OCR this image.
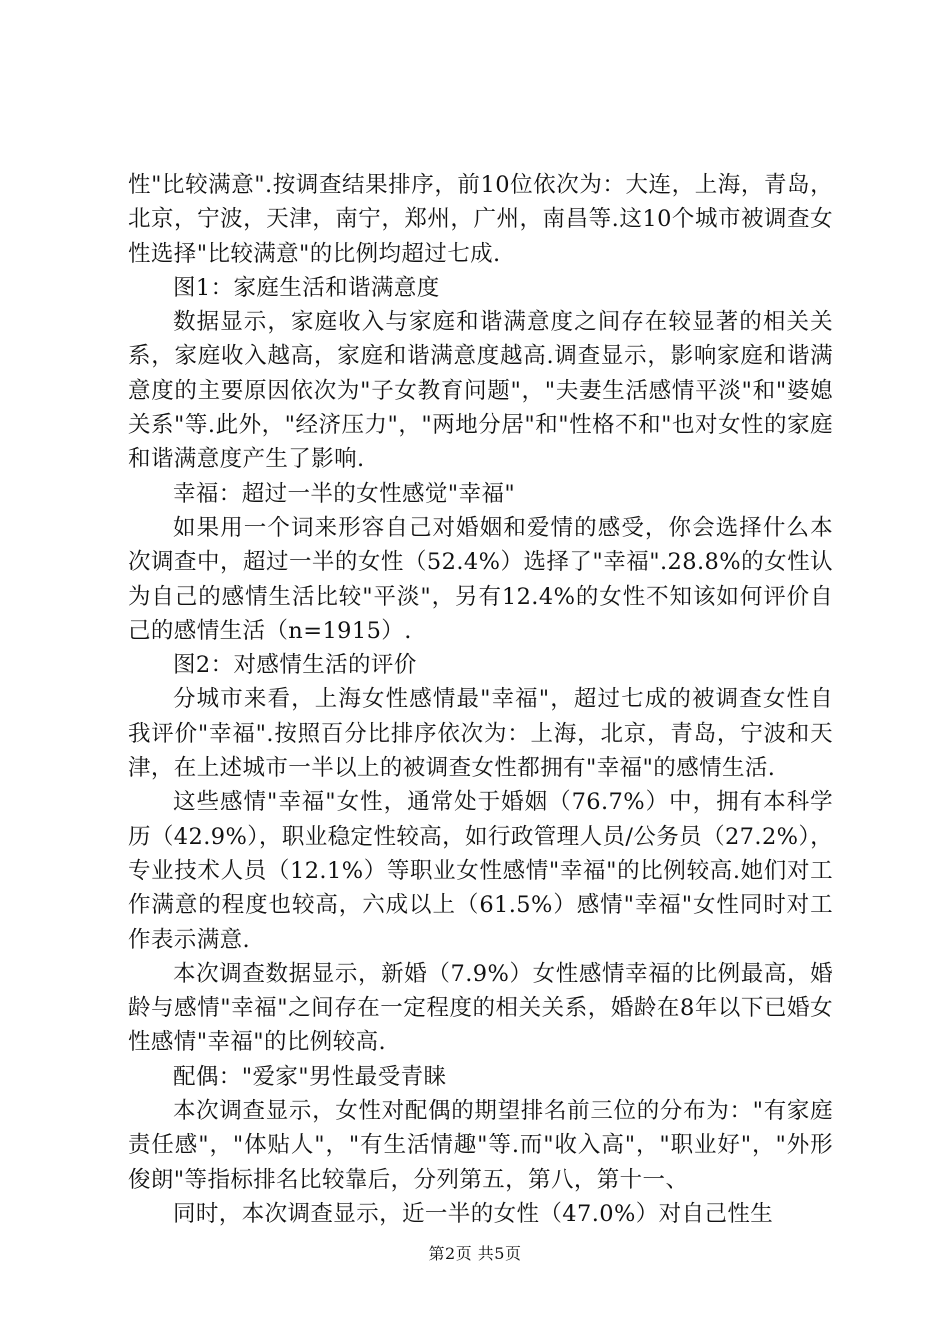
性"比较满意".按调查结果排序，前10位依次为：大连，上海，青岛，北京，宁波，天津，南宁，郑州，广州，南昌等.这10个城市被调查女性选择"比较满意"的比例均超过七成.

图1：家庭生活和谐满意度

数据显示，家庭收入与家庭和谐满意度之间存在较显著的相关关系，家庭收入越高，家庭和谐满意度越高.调查显示，影响家庭和谐满意度的主要原因依次为"子女教育问题"，"夫妻生活感情平淡"和"婆媳关系"等.此外，"经济压力"，"两地分居"和"性格不和"也对女性的家庭和谐满意度产生了影响.

幸福：超过一半的女性感觉"幸福"

如果用一个词来形容自己对婚姻和爱情的感受，你会选择什么本次调查中，超过一半的女性（52.4%）选择了"幸福".28.8%的女性认为自己的感情生活比较"平淡"，另有12.4%的女性不知该如何评价自己的感情生活（n=1915）.

图2：对感情生活的评价

分城市来看，上海女性感情最"幸福"，超过七成的被调查女性自我评价"幸福".按照百分比排序依次为：上海，北京，青岛，宁波和天津，在上述城市一半以上的被调查女性都拥有"幸福"的感情生活.

这些感情"幸福"女性，通常处于婚姻（76.7%）中，拥有本科学历（42.9%），职业稳定性较高，如行政管理人员/公务员（27.2%），专业技术人员（12.1%）等职业女性感情"幸福"的比例较高.她们对工作满意的程度也较高，六成以上（61.5%）感情"幸福"女性同时对工作表示满意.

本次调查数据显示，新婚（7.9%）女性感情幸福的比例最高，婚龄与感情"幸福"之间存在一定程度的相关关系，婚龄在8年以下已婚女性感情"幸福"的比例较高.

配偶："爱家"男性最受青睐

本次调查显示，女性对配偶的期望排名前三位的分布为："有家庭责任感"，"体贴人"，"有生活情趣"等.而"收入高"，"职业好"，"外形俊朗"等指标排名比较靠后，分列第五，第八，第十一、

同时，本次调查显示，近一半的女性（47.0%）对自己性生

第2页 共5页
